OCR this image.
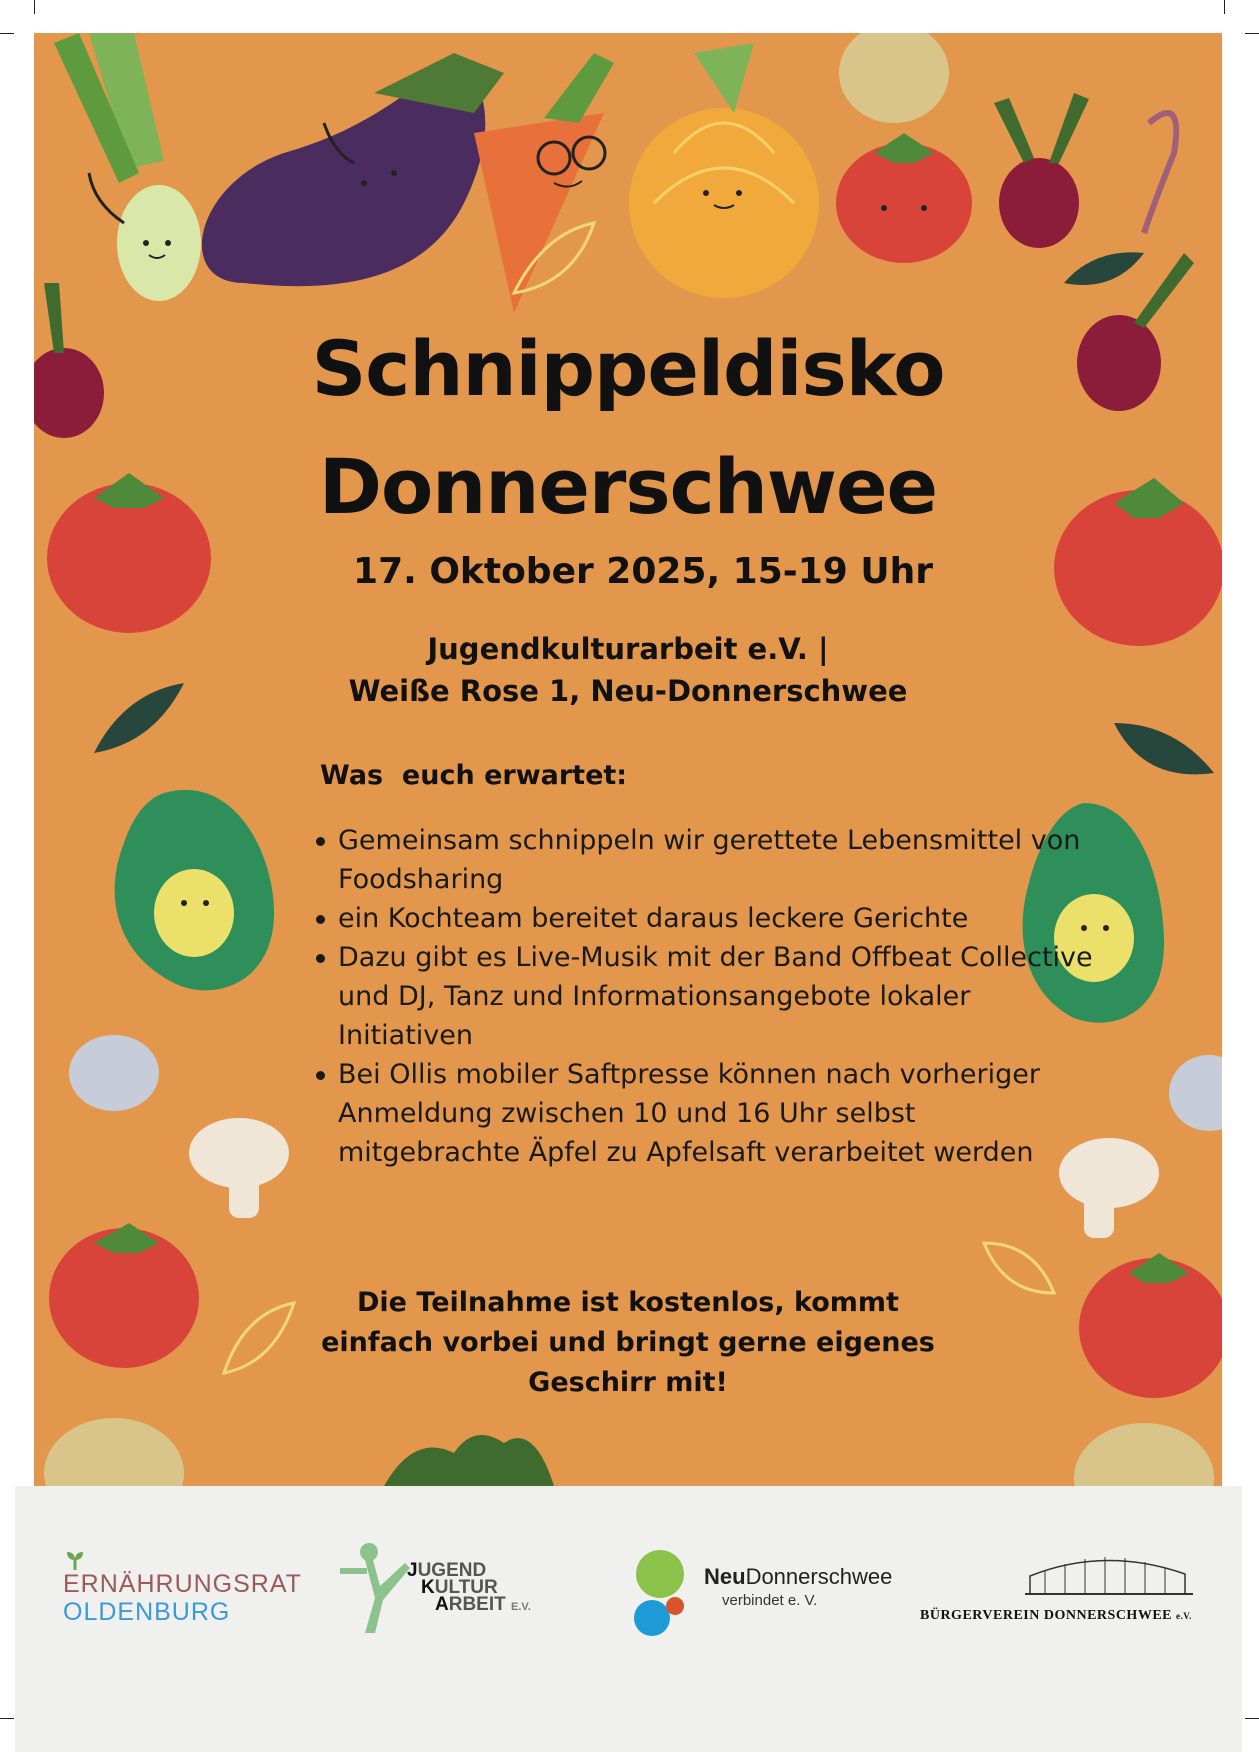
Schnippeldisko
Donnerschwee

17. Oktober 2025, 15-19 Uhr

Jugendkulturarbeit e.V. |
Weiße Rose 1, Neu-Donnerschwee

Was  euch erwartet:

Gemeinsam schnippeln wir gerettete Lebensmittel von Foodsharing
ein Kochteam bereitet daraus leckere Gerichte
Dazu gibt es Live-Musik mit der Band Offbeat Collective und DJ, Tanz und Informationsangebote lokaler Initiativen
Bei Ollis mobiler Saftpresse können nach vorheriger Anmeldung zwischen 10 und 16 Uhr selbst mitgebrachte Äpfel zu Apfelsaft verarbeitet werden

Die Teilnahme ist kostenlos, kommt
einfach vorbei und bringt gerne eigenes
Geschirr mit!

ERNÄHRUNGSRAT
OLDENBURG
JUGEND
KULTUR
ARBEIT E.V.
NeuDonnerschwee
verbindet e. V.
BÜRGERVEREIN DONNERSCHWEE e.V.
